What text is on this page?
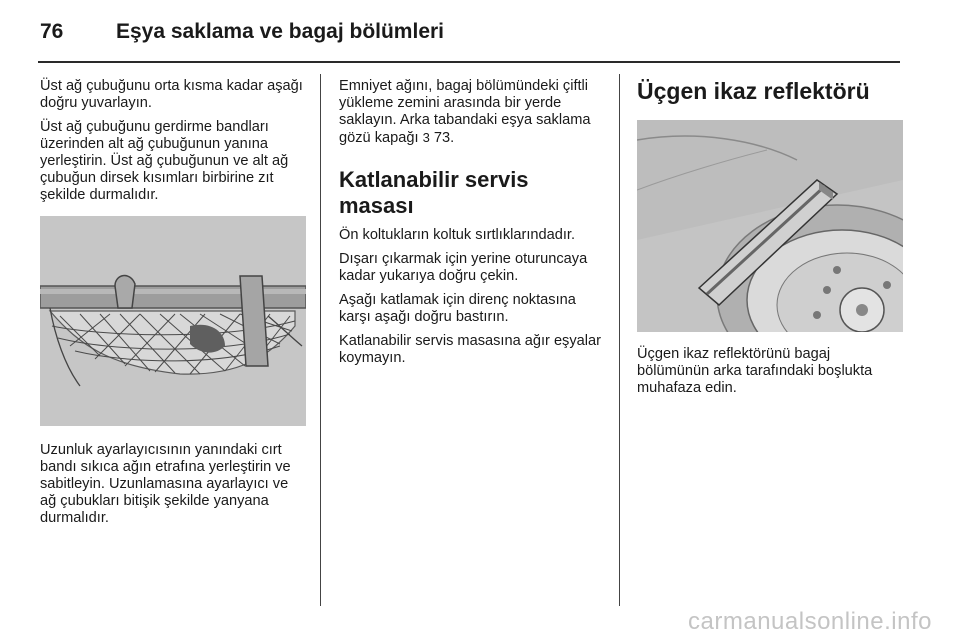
76	Eşya saklama ve bagaj bölümleri

Üst ağ çubuğunu orta kısma kadar aşağı doğru yuvarlayın.

Üst ağ çubuğunu gerdirme bandları üzerinden alt ağ çubuğunun yanına yerleştirin. Üst ağ çubuğunun ve alt ağ çubuğun dirsek kısımları birbirine zıt şekilde durmalıdır.

Uzunluk ayarlayıcısının yanındaki cırt bandı sıkıca ağın etrafına yerleştirin ve sabitleyin. Uzunlamasına ayarlayıcı ve ağ çubukları bitişik şekilde yanyana durmalıdır.

Emniyet ağını, bagaj bölümündeki çiftli yükleme zemini arasında bir yerde saklayın. Arka tabandaki eşya saklama gözü kapağı 3 73.

Katlanabilir servis masası

Ön koltukların koltuk sırtlıklarındadır.

Dışarı çıkarmak için yerine oturuncaya kadar yukarıya doğru çekin.

Aşağı katlamak için direnç noktasına karşı aşağı doğru bastırın.

Katlanabilir servis masasına ağır eşyalar koymayın.

Üçgen ikaz reflektörü

Üçgen ikaz reflektörünü bagaj bölümünün arka tarafındaki boşlukta muhafaza edin.

carmanualsonline.info
